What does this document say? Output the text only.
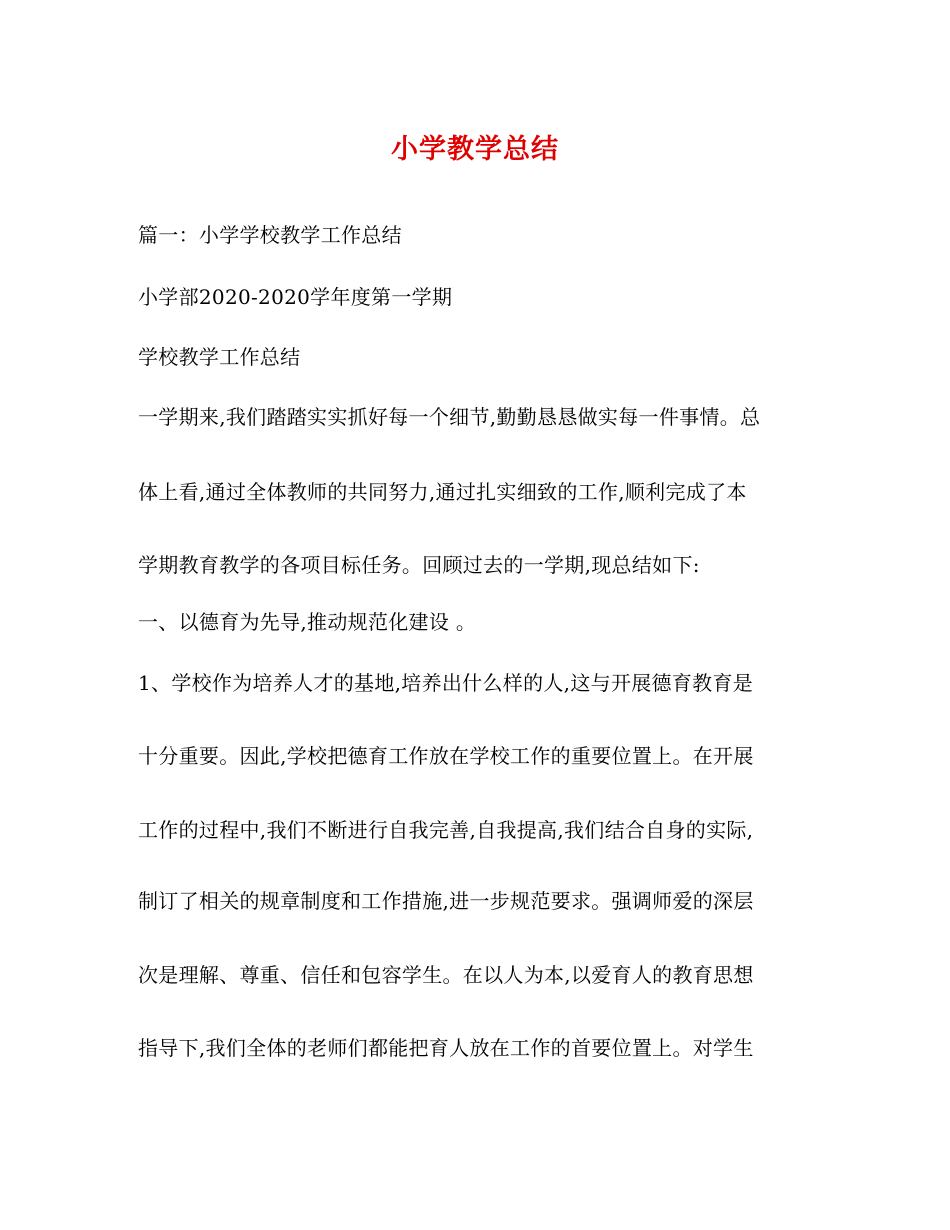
小学教学总结
篇一：小学学校教学工作总结
小学部2020-2020学年度第一学期
学校教学工作总结
一学期来,我们踏踏实实抓好每一个细节,勤勤恳恳做实每一件事情。总
体上看,通过全体教师的共同努力,通过扎实细致的工作,顺利完成了本
学期教育教学的各项目标任务。回顾过去的一学期,现总结如下:
一、以德育为先导,推动规范化建设 。
1、学校作为培养人才的基地,培养出什么样的人,这与开展德育教育是
十分重要。因此,学校把德育工作放在学校工作的重要位置上。在开展
工作的过程中,我们不断进行自我完善,自我提高,我们结合自身的实际,
制订了相关的规章制度和工作措施,进一步规范要求。强调师爱的深层
次是理解、尊重、信任和包容学生。在以人为本,以爱育人的教育思想
指导下,我们全体的老师们都能把育人放在工作的首要位置上。对学生
